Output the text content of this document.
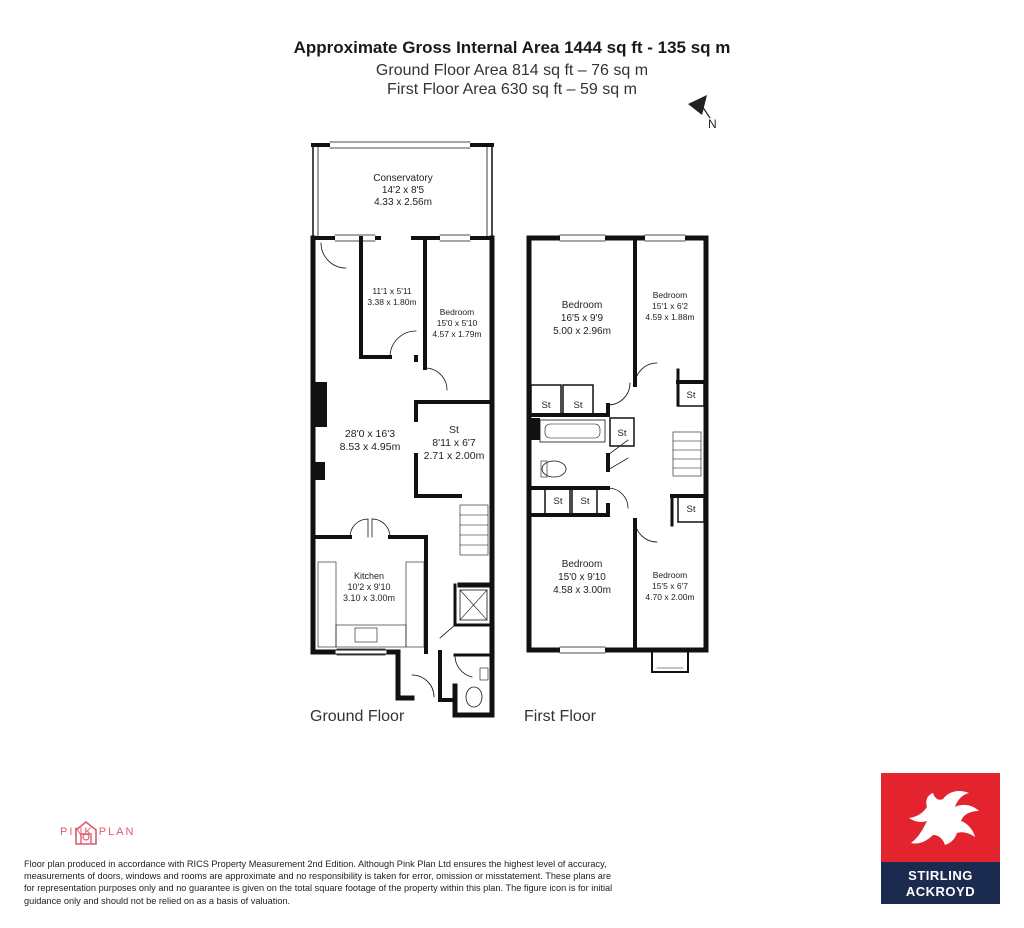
Approximate Gross Internal Area 1444 sq ft - 135 sq m
Ground Floor Area 814 sq ft – 76 sq m
First Floor Area 630 sq ft – 59 sq m
N
Conservatory
14'2 x 8'5
4.33 x 2.56m
11'1 x 5'11
3.38 x 1.80m
Bedroom
15'0 x 5'10
4.57 x 1.79m
28'0 x 16'3
8.53 x 4.95m
St
8'11 x 6'7
2.71 x 2.00m
Kitchen
10'2 x 9'10
3.10 x 3.00m
Bedroom
16'5 x 9'9
5.00 x 2.96m
Bedroom
15'1 x 6'2
4.59 x 1.88m
Bedroom
15'0 x 9'10
4.58 x 3.00m
Bedroom
15'5 x 6'7
4.70 x 2.00m
St St
St
St
St St
St
Ground Floor	First Floor
PINK PLAN
Floor plan produced in accordance with RICS Property Measurement 2nd Edition. Although Pink Plan Ltd ensures the highest level of accuracy, measurements of doors, windows and rooms are approximate and no responsibility is taken for error, omission or misstatement. These plans are for representation purposes only and no guarantee is given on the total square footage of the property within this plan. The figure icon is for initial guidance only and should not be relied on as a basis of valuation.
STIRLING
ACKROYD
